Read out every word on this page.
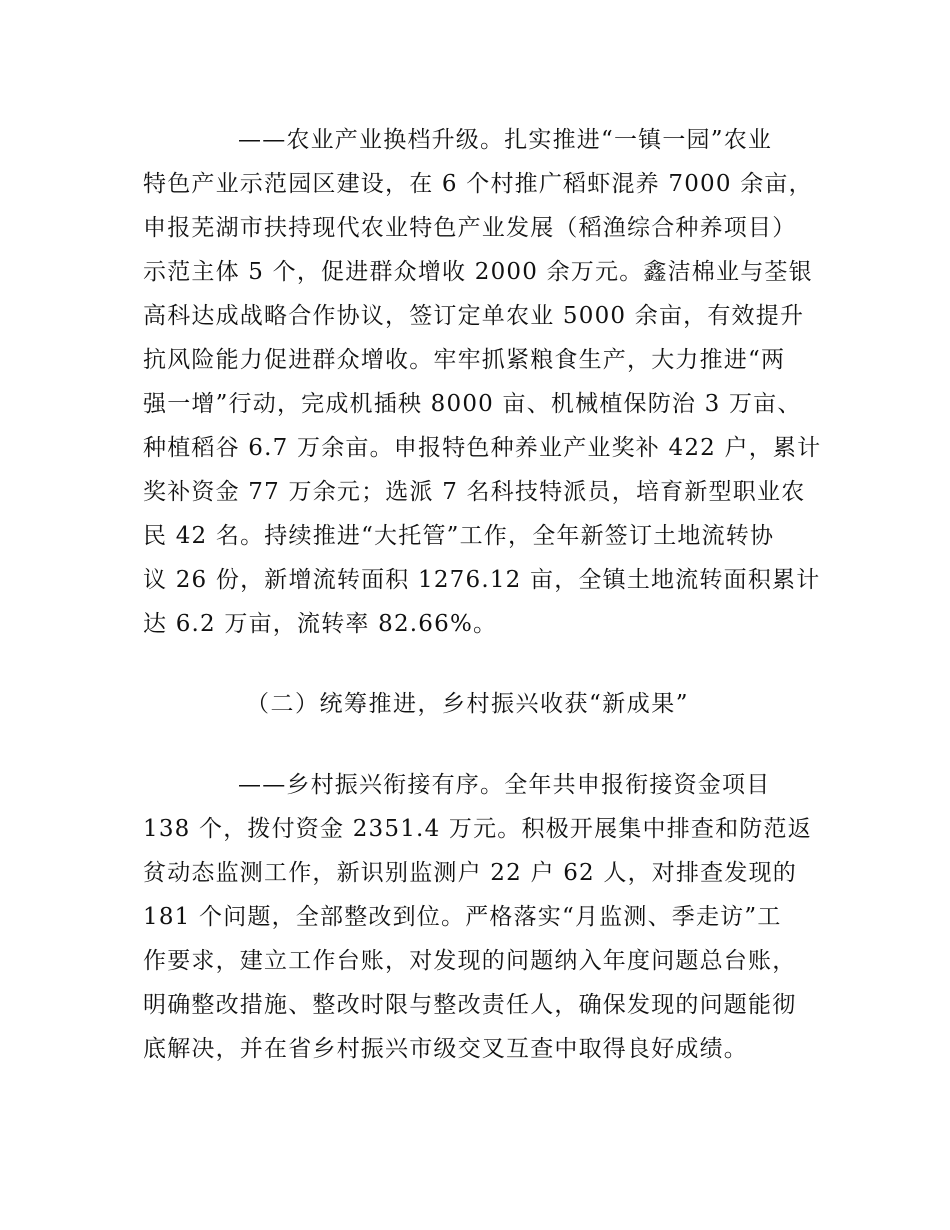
——农业产业换档升级。扎实推进“一镇一园”农业
特色产业示范园区建设，在 6 个村推广稻虾混养 7000 余亩，
申报芜湖市扶持现代农业特色产业发展（稻渔综合种养项目）
示范主体 5 个，促进群众增收 2000 余万元。鑫洁棉业与荃银
高科达成战略合作协议，签订定单农业 5000 余亩，有效提升
抗风险能力促进群众增收。牢牢抓紧粮食生产，大力推进“两
强一增”行动，完成机插秧 8000 亩、机械植保防治 3 万亩、
种植稻谷 6.7 万余亩。申报特色种养业产业奖补 422 户，累计
奖补资金 77 万余元；选派 7 名科技特派员，培育新型职业农
民 42 名。持续推进“大托管”工作，全年新签订土地流转协
议 26 份，新增流转面积 1276.12 亩，全镇土地流转面积累计
达 6.2 万亩，流转率 82.66%。
（二）统筹推进，乡村振兴收获“新成果”
——乡村振兴衔接有序。全年共申报衔接资金项目
138 个，拨付资金 2351.4 万元。积极开展集中排查和防范返
贫动态监测工作，新识别监测户 22 户 62 人，对排查发现的
181 个问题，全部整改到位。严格落实“月监测、季走访”工
作要求，建立工作台账，对发现的问题纳入年度问题总台账，
明确整改措施、整改时限与整改责任人，确保发现的问题能彻
底解决，并在省乡村振兴市级交叉互查中取得良好成绩。
